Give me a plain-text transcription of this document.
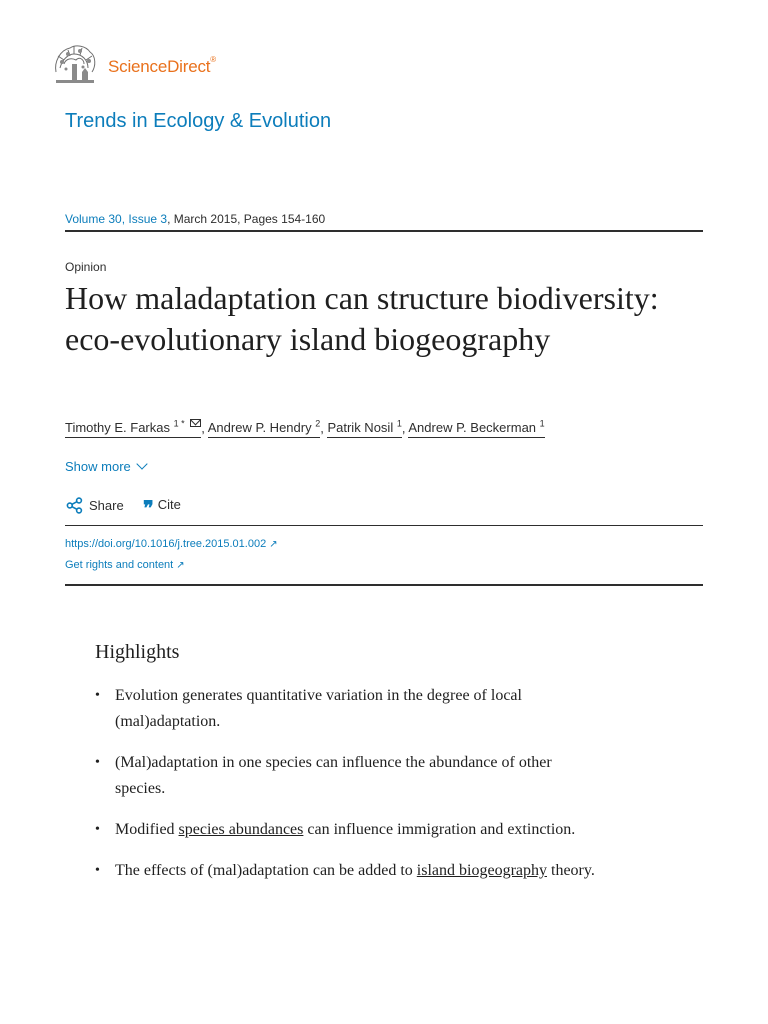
ScienceDirect®
Trends in Ecology & Evolution
Volume 30, Issue 3, March 2015, Pages 154-160
Opinion
How maladaptation can structure biodiversity: eco-evolutionary island biogeography
Timothy E. Farkas $^{1 *}$ , Andrew P. Hendry $^2$, Patrik Nosil $^1$, Andrew P. Beckerman $^1$
Show more
Share ❞ Cite
https://doi.org/10.1016/j.tree.2015.01.002 ↗
Get rights and content ↗
Highlights
• Evolution generates quantitative variation in the degree of local (mal)adaptation.
• (Mal)adaptation in one species can influence the abundance of other species.
• Modified species abundances can influence immigration and extinction.
• The effects of (mal)adaptation can be added to island biogeography theory.
